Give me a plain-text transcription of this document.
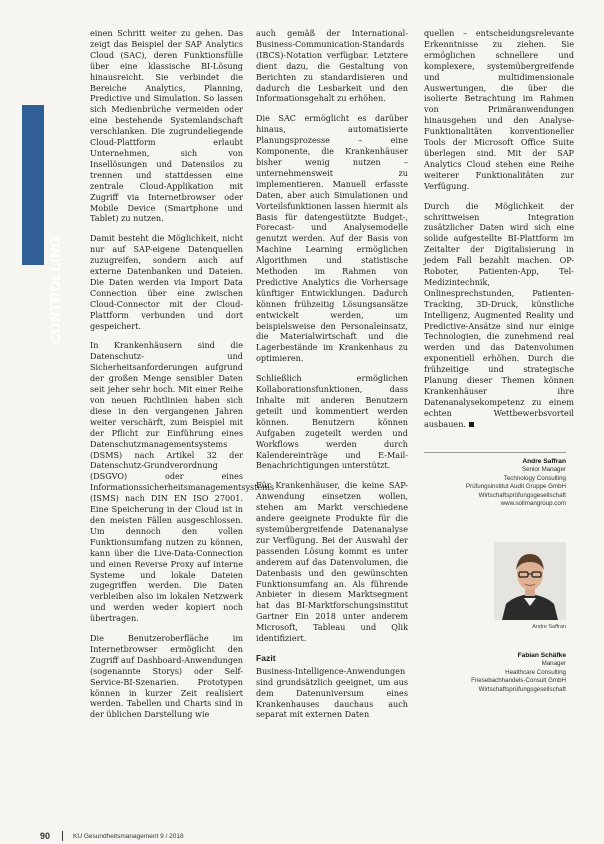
CONTROLLING

einen Schritt weiter zu gehen. Das zeigt das Beispiel der SAP Analytics Cloud (SAC), deren Funktionsfülle über eine klassische BI-Lösung hinausreicht. Sie verbindet die Bereiche Analytics, Planning, Predictive und Simulation. So lassen sich Medienbrüche vermeiden oder eine bestehende Systemlandschaft verschlanken. Die zugrundeliegende Cloud-Plattform erlaubt Unternehmen, sich von Insellösungen und Datensilos zu trennen und stattdessen eine zentrale Cloud-Applikation mit Zugriff via Internetbrowser oder Mobile Device (Smartphone und Tablet) zu nutzen.

Damit besteht die Möglichkeit, nicht nur auf SAP-eigene Datenquellen zuzugreifen, sondern auch auf externe Datenbanken und Dateien. Die Daten werden via Import Data Connection über eine zwischen Cloud-Connector mit der Cloud-Plattform verbunden und dort gespeichert.

In Krankenhäusern sind die Datenschutz- und Sicherheitsanforderungen aufgrund der großen Menge sensibler Daten seit jeher sehr hoch. Mit einer Reihe von neuen Richtlinien haben sich diese in den vergangenen Jahren weiter verschärft, zum Beispiel mit der Pflicht zur Einführung eines Datenschutzmanagementsystems (DSMS) nach Artikel 32 der Datenschutz-Grundverordnung (DSGVO) oder eines Informationssicherheitsmanagementsystems (ISMS) nach DIN EN ISO 27001. Eine Speicherung in der Cloud ist in den meisten Fällen ausgeschlossen. Um dennoch den vollen Funktionsumfang nutzen zu können, kann über die Live-Data-Connection und einen Reverse Proxy auf interne Systeme und lokale Dateien zugegriffen werden. Die Daten verbleiben also im lokalen Netzwerk und werden weder kopiert noch übertragen.

Die Benutzeroberfläche im Internetbrowser ermöglicht den Zugriff auf Dashboard-Anwendungen (sogenannte Storys) oder Self-Service-BI-Szenarien. Prototypen können in kurzer Zeit realisiert werden. Tabellen und Charts sind in der üblichen Darstellung wie

auch gemäß der International-Business-Communication-Standards (IBCS)-Notation verfügbar. Letztere dient dazu, die Gestaltung von Berichten zu standardisieren und dadurch die Lesbarkeit und den Informationsgehalt zu erhöhen.

Die SAC ermöglicht es darüber hinaus, automatisierte Planungsprozesse – eine Komponente, die Krankenhäuser bisher wenig nutzen – unternehmensweit zu implementieren. Manuell erfasste Daten, aber auch Simulationen und Vorteilsfunktionen lassen hiermit als Basis für datengestützte Budget-, Forecast- und Analysemodelle genutzt werden. Auf der Basis von Machine Learning ermöglichen Algorithmen und statistische Methoden im Rahmen von Predictive Analytics die Vorhersage künftiger Entwicklungen. Dadurch können frühzeitig Lösungsansätze entwickelt werden, um beispielsweise den Personaleinsatz, die Materialwirtschaft und die Lagerbestände im Krankenhaus zu optimieren.

Schließlich ermöglichen Kollaborationsfunktionen, dass Inhalte mit anderen Benutzern geteilt und kommentiert werden können. Benutzern können Aufgaben zugeteilt werden und Workflows werden durch Kalendereinträge und E-Mail-Benachrichtigungen unterstützt.

Für Krankenhäuser, die keine SAP-Anwendung einsetzen wollen, stehen am Markt verschiedene andere geeignete Produkte für die systemübergreifende Datenanalyse zur Verfügung. Bei der Auswahl der passenden Lösung kommt es unter anderem auf das Datenvolumen, die Datenbasis und den gewünschten Funktionsumfang an. Als führende Anbieter in diesem Marktsegment hat das BI-Marktforschungsinstitut Gartner Ein 2018 unter anderem Microsoft, Tableau und Qlik identifiziert.

Fazit

Business-Intelligence-Anwendungen sind grundsätzlich geeignet, um aus dem Datenuniversum eines Krankenhauses dauchaus auch separat mit externen Daten

quellen – entscheidungsrelevante Erkenntnisse zu ziehen. Sie ermöglichen schnellere und komplexere, systemübergreifende und multidimensionale Auswertungen, die über die isolierte Betrachtung im Rahmen von Primäranwendungen hinausgehen und den Analyse-Funktionalitäten konventioneller Tools der Microsoft Office Suite überlegen sind. Mit der SAP Analytics Cloud stehen eine Reihe weiterer Funktionalitäten zur Verfügung.

Durch die Möglichkeit der schrittweisen Integration zusätzlicher Daten wird sich eine solide aufgestellte BI-Plattform im Zeitalter der Digitalisierung in jedem Fall bezahlt machen. OP-Roboter, Patienten-App, Tel-Medizintechnik, Onlinesprechstunden, Patienten-Tracking, 3D-Druck, künstliche Intelligenz, Augmented Reality und Predictive-Ansätze sind nur einige Technologien, die zunehmend real werden und das Datenvolumen exponentiell erhöhen. Durch die frühzeitige und strategische Planung dieser Themen können Krankenhäuser ihre Datenanalysekompetenz zu einem echten Wettbewerbsvorteil ausbauen.

Andre Saffran
Senior Manager
Technology Consulting
Prüfungsinstitut Audit Gruppe GmbH
Wirtschaftsprüfungsgesellschaft
www.sollmangroup.com
Andre Saffran
Fabian Schäfke
Manager
Healthcare Consulting
Friesebachhandels-Consult GmbH
Wirtschaftsprüfungsgesellschaft
90	KU Gesundheitsmanagement 9 / 2018
